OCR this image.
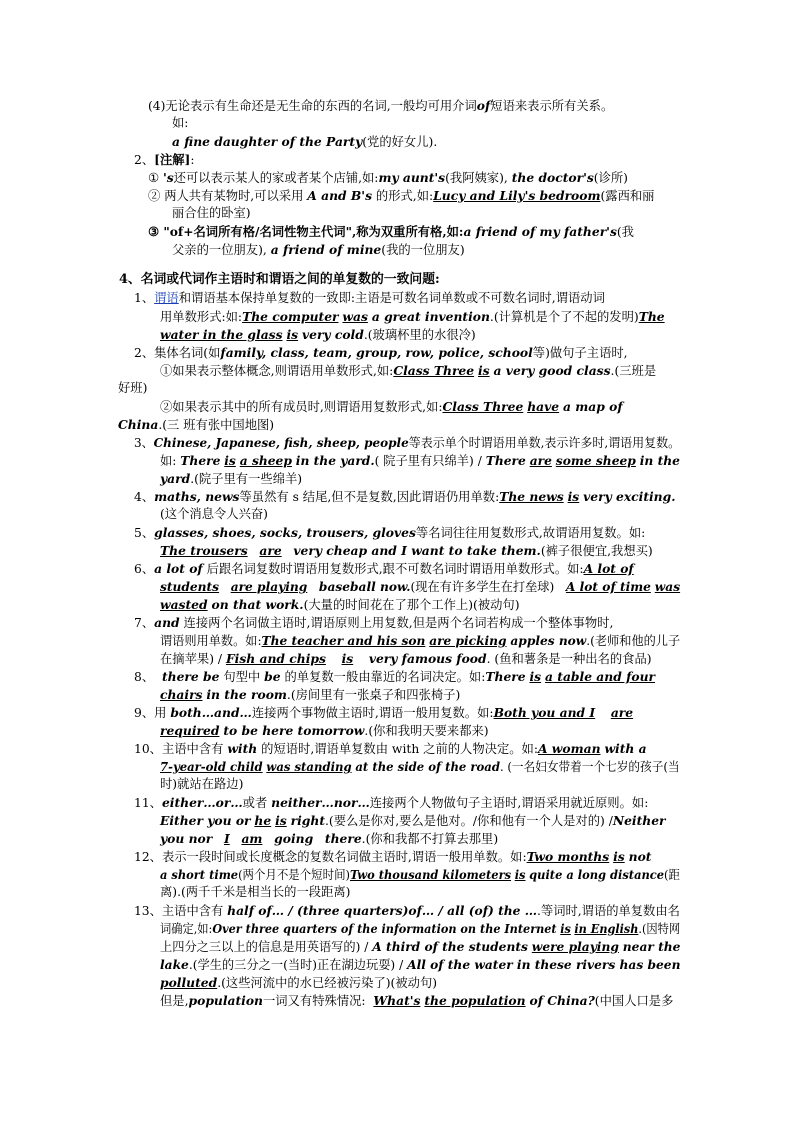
(4)无论表示有生命还是无生命的东西的名词,一般均可用介词of短语来表示所有关系。
如:
a fine daughter of the Party(党的好女儿).
2、[注解]:
① 's还可以表示某人的家或者某个店铺,如:my aunt's(我阿姨家), the doctor's(诊所)
② 两人共有某物时,可以采用 A and B's 的形式,如:Lucy and Lily's bedroom(露西和丽
丽合住的卧室)
③ "of+名词所有格/名词性物主代词",称为双重所有格,如:a friend of my father's(我
父亲的一位朋友), a friend of mine(我的一位朋友)
4、名词或代词作主语时和谓语之间的单复数的一致问题:
1、谓语和谓语基本保持单复数的一致即:主语是可数名词单数或不可数名词时,谓语动词
用单数形式:如:The computer was a great invention.(计算机是个了不起的发明)The
water in the glass is very cold.(玻璃杯里的水很冷)
2、集体名词(如family, class, team, group, row, police, school等)做句子主语时,
①如果表示整体概念,则谓语用单数形式,如:Class Three is a very good class.(三班是
好班)
②如果表示其中的所有成员时,则谓语用复数形式,如:Class Three have a map of
China.(三 班有张中国地图)
3、Chinese, Japanese, fish, sheep, people等表示单个时谓语用单数,表示许多时,谓语用复数。
如: There is a sheep in the yard.( 院子里有只绵羊) / There are some sheep in the
yard.(院子里有一些绵羊)
4、maths, news等虽然有 s 结尾,但不是复数,因此谓语仍用单数:The news is very exciting.
(这个消息令人兴奋)
5、glasses, shoes, socks, trousers, gloves等名词往往用复数形式,故谓语用复数。如:
The trousers are very cheap and I want to take them.(裤子很便宜,我想买)
6、a lot of 后跟名词复数时谓语用复数形式,跟不可数名词时谓语用单数形式。如:A lot of
students are playing baseball now.(现在有许多学生在打垒球) A lot of time was
wasted on that work.(大量的时间花在了那个工作上)(被动句)
7、and 连接两个名词做主语时,谓语原则上用复数,但是两个名词若构成一个整体事物时,
谓语则用单数。如:The teacher and his son are picking apples now.(老师和他的儿子
在摘苹果) / Fish and chips is very famous food. (鱼和薯条是一种出名的食品)
8、 there be 句型中 be 的单复数一般由靠近的名词决定。如:There is a table and four
chairs in the room.(房间里有一张桌子和四张椅子)
9、用 both…and…连接两个事物做主语时,谓语一般用复数。如:Both you and I are
required to be here tomorrow.(你和我明天要来都来)
10、主语中含有 with 的短语时,谓语单复数由 with 之前的人物决定。如:A woman with a
7-year-old child was standing at the side of the road. (一名妇女带着一个七岁的孩子(当
时)就站在路边)
11、either…or…或者 neither…nor…连接两个人物做句子主语时,谓语采用就近原则。如:
Either you or he is right.(要么是你对,要么是他对。/你和他有一个人是对的) /Neither
you nor I am going there.(你和我都不打算去那里)
12、表示一段时间或长度概念的复数名词做主语时,谓语一般用单数。如:Two months is not
a short time(两个月不是个短时间)Two thousand kilometers is quite a long distance(距
离).(两千千米是相当长的一段距离)
13、主语中含有 half of… / (three quarters)of… / all (of) the ….等词时,谓语的单复数由名
词确定,如:Over three quarters of the information on the Internet is in English.(因特网
上四分之三以上的信息是用英语写的) / A third of the students were playing near the
lake.(学生的三分之一(当时)正在湖边玩耍) / All of the water in these rivers has been
polluted.(这些河流中的水已经被污染了)(被动句)
但是,population一词又有特殊情况: What's the population of China?(中国人口是多
